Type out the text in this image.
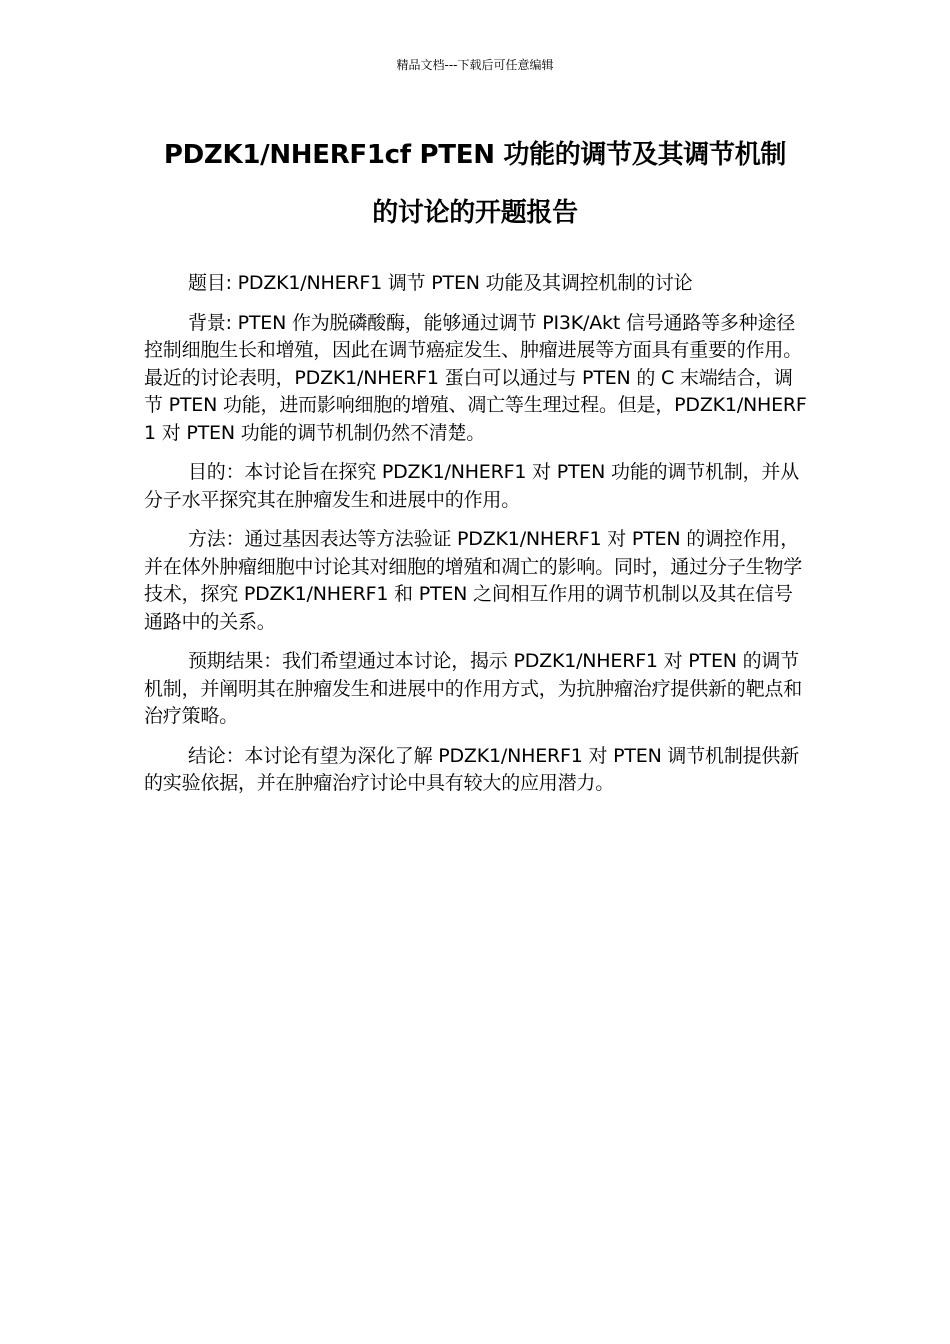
精品文档---下载后可任意编辑
PDZK1/NHERF1cf PTEN 功能的调节及其调节机制
的讨论的开题报告

题目: PDZK1/NHERF1 调节 PTEN 功能及其调控机制的讨论

背景: PTEN 作为脱磷酸酶，能够通过调节 PI3K/Akt 信号通路等多种途径控制细胞生长和增殖，因此在调节癌症发生、肿瘤进展等方面具有重要的作用。最近的讨论表明，PDZK1/NHERF1 蛋白可以通过与 PTEN 的 C 末端结合，调节 PTEN 功能，进而影响细胞的增殖、凋亡等生理过程。但是，PDZK1/NHERF1 对 PTEN 功能的调节机制仍然不清楚。

目的：本讨论旨在探究 PDZK1/NHERF1 对 PTEN 功能的调节机制，并从分子水平探究其在肿瘤发生和进展中的作用。

方法：通过基因表达等方法验证 PDZK1/NHERF1 对 PTEN 的调控作用，并在体外肿瘤细胞中讨论其对细胞的增殖和凋亡的影响。同时，通过分子生物学技术，探究 PDZK1/NHERF1 和 PTEN 之间相互作用的调节机制以及其在信号通路中的关系。

预期结果：我们希望通过本讨论，揭示 PDZK1/NHERF1 对 PTEN 的调节机制，并阐明其在肿瘤发生和进展中的作用方式，为抗肿瘤治疗提供新的靶点和治疗策略。

结论：本讨论有望为深化了解 PDZK1/NHERF1 对 PTEN 调节机制提供新的实验依据，并在肿瘤治疗讨论中具有较大的应用潜力。
